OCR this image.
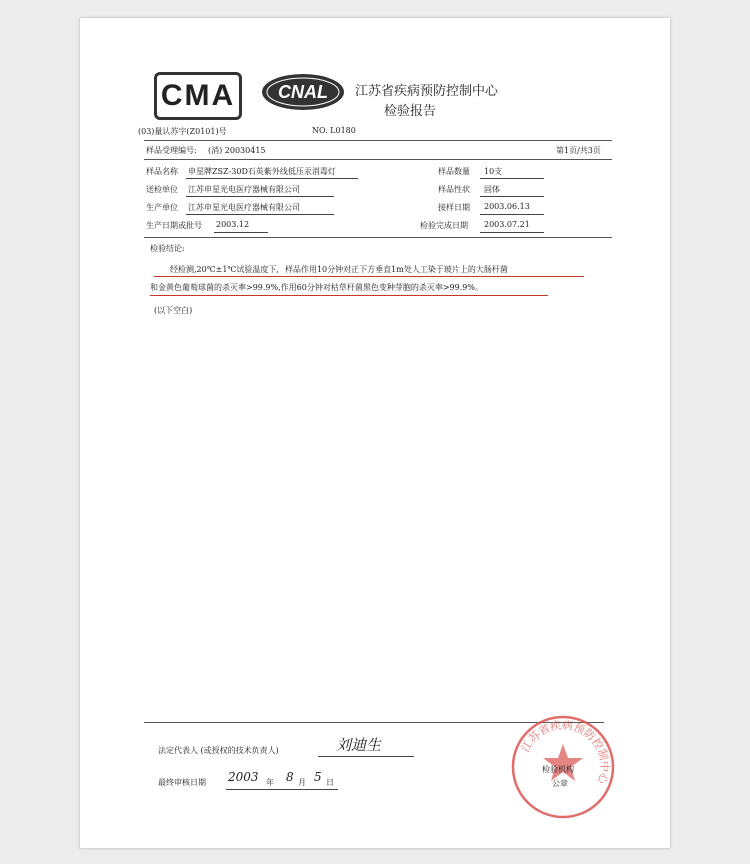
CMA	CNAL	江苏省疾病预防控制中心
检验报告
(03)量认苏字(Z0101)号	NO. L0180
样品受理编号: (消) 20030415	第1页/共3页
样品名称 申星牌ZSZ-30D石英紫外线低压汞消毒灯	样品数量 10支
送检单位 江苏申星光电医疗器械有限公司	样品性状 固体
生产单位 江苏申星光电医疗器械有限公司	接样日期 2003.06.13
生产日期或批号 2003.12	检验完成日期 2003.07.21
检验结论:
经检测,20℃±1℃试验温度下, 样品作用10分钟对正下方垂直1m处人工染于玻片上的大肠杆菌
和金黄色葡萄球菌的杀灭率>99.9%,作用60分钟对枯草杆菌黑色变种芽胞的杀灭率>99.9%。
(以下空白)
法定代表人 (或授权的技术负责人)	刘迪生
最终审核日期 2003 年 8 月 5 日
江苏省疾病预防控制中心
检验机构
公章
